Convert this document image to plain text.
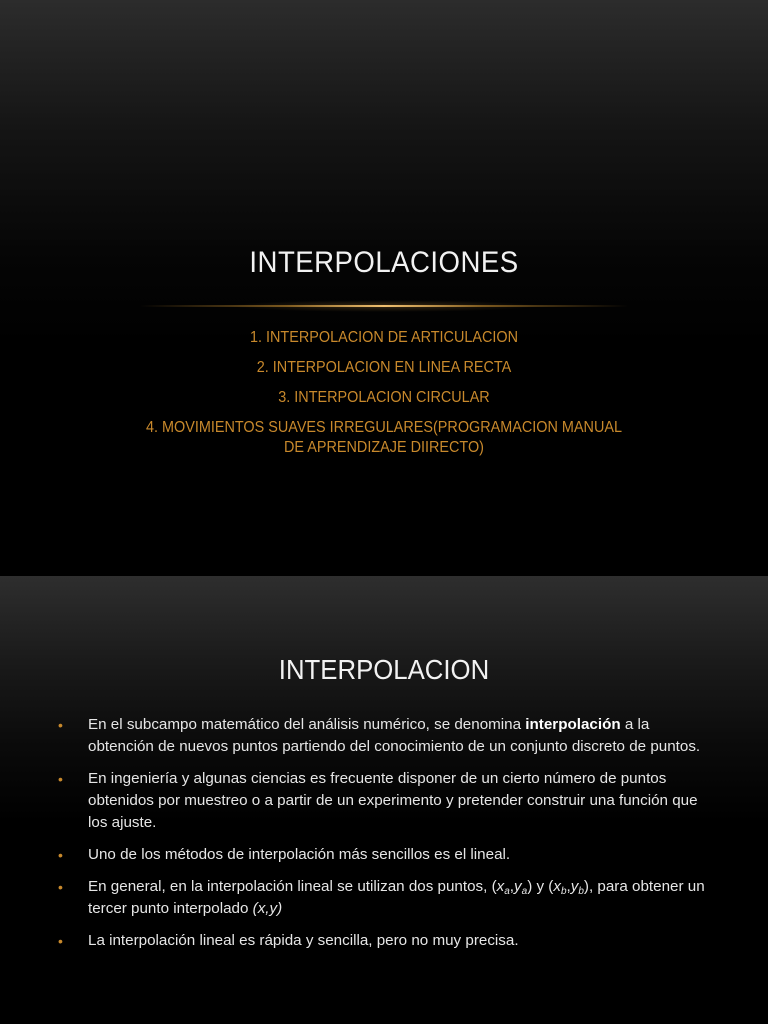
INTERPOLACIONES
1. INTERPOLACION DE ARTICULACION
2. INTERPOLACION EN LINEA RECTA
3. INTERPOLACION CIRCULAR
4. MOVIMIENTOS SUAVES IRREGULARES(PROGRAMACION MANUAL
DE APRENDIZAJE DIIRECTO)
INTERPOLACION
• En el subcampo matemático del análisis numérico, se denomina interpolación a la obtención de nuevos puntos partiendo del conocimiento de un conjunto discreto de puntos.
• En ingeniería y algunas ciencias es frecuente disponer de un cierto número de puntos obtenidos por muestreo o a partir de un experimento y pretender construir una función que los ajuste.
• Uno de los métodos de interpolación más sencillos es el lineal.
• En general, en la interpolación lineal se utilizan dos puntos, $(x_a,y_a)$ y $(x_b,y_b)$, para obtener un tercer punto interpolado (x,y)
• La interpolación lineal es rápida y sencilla, pero no muy precisa.
